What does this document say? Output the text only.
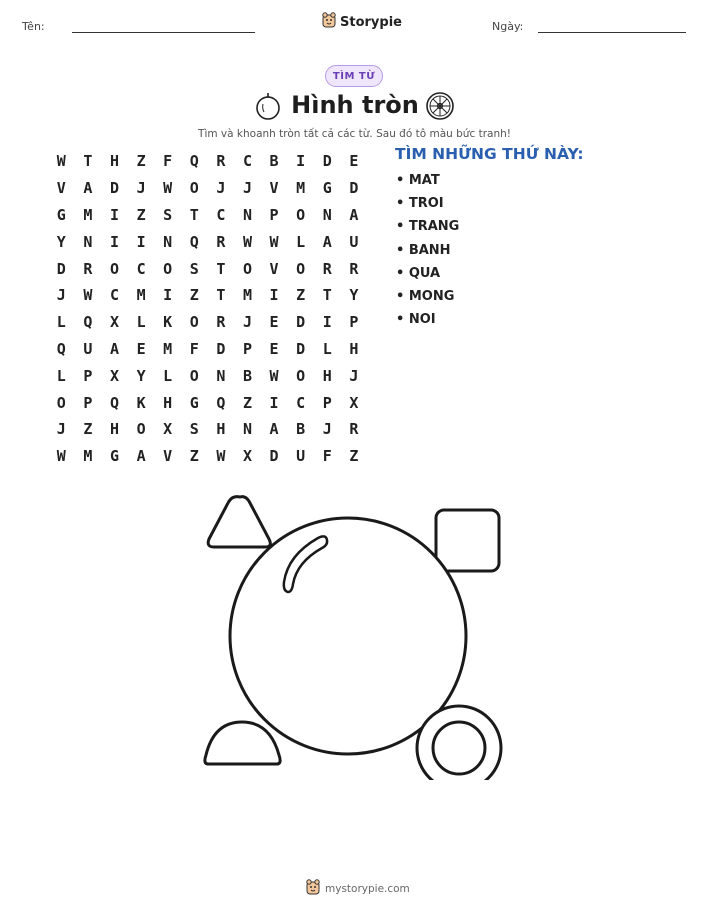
Tên:	Storypie	Ngày:
TÌM TỪ
Hình tròn
Tìm và khoanh tròn tất cả các từ. Sau đó tô màu bức tranh!
W	T	H	Z	F	Q	R	C	B	I	D	E
V	A	D	J	W	O	J	J	V	M	G	D
G	M	I	Z	S	T	C	N	P	O	N	A
Y	N	I	I	N	Q	R	W	W	L	A	U
D	R	O	C	O	S	T	O	V	O	R	R
J	W	C	M	I	Z	T	M	I	Z	T	Y
L	Q	X	L	K	O	R	J	E	D	I	P
Q	U	A	E	M	F	D	P	E	D	L	H
L	P	X	Y	L	O	N	B	W	O	H	J
O	P	Q	K	H	G	Q	Z	I	C	P	X
J	Z	H	O	X	S	H	N	A	B	J	R
W	M	G	A	V	Z	W	X	D	U	F	Z
TÌM NHỮNG THỨ NÀY:
• MAT
• TROI
• TRANG
• BANH
• QUA
• MONG
• NOI
mystorypie.com
